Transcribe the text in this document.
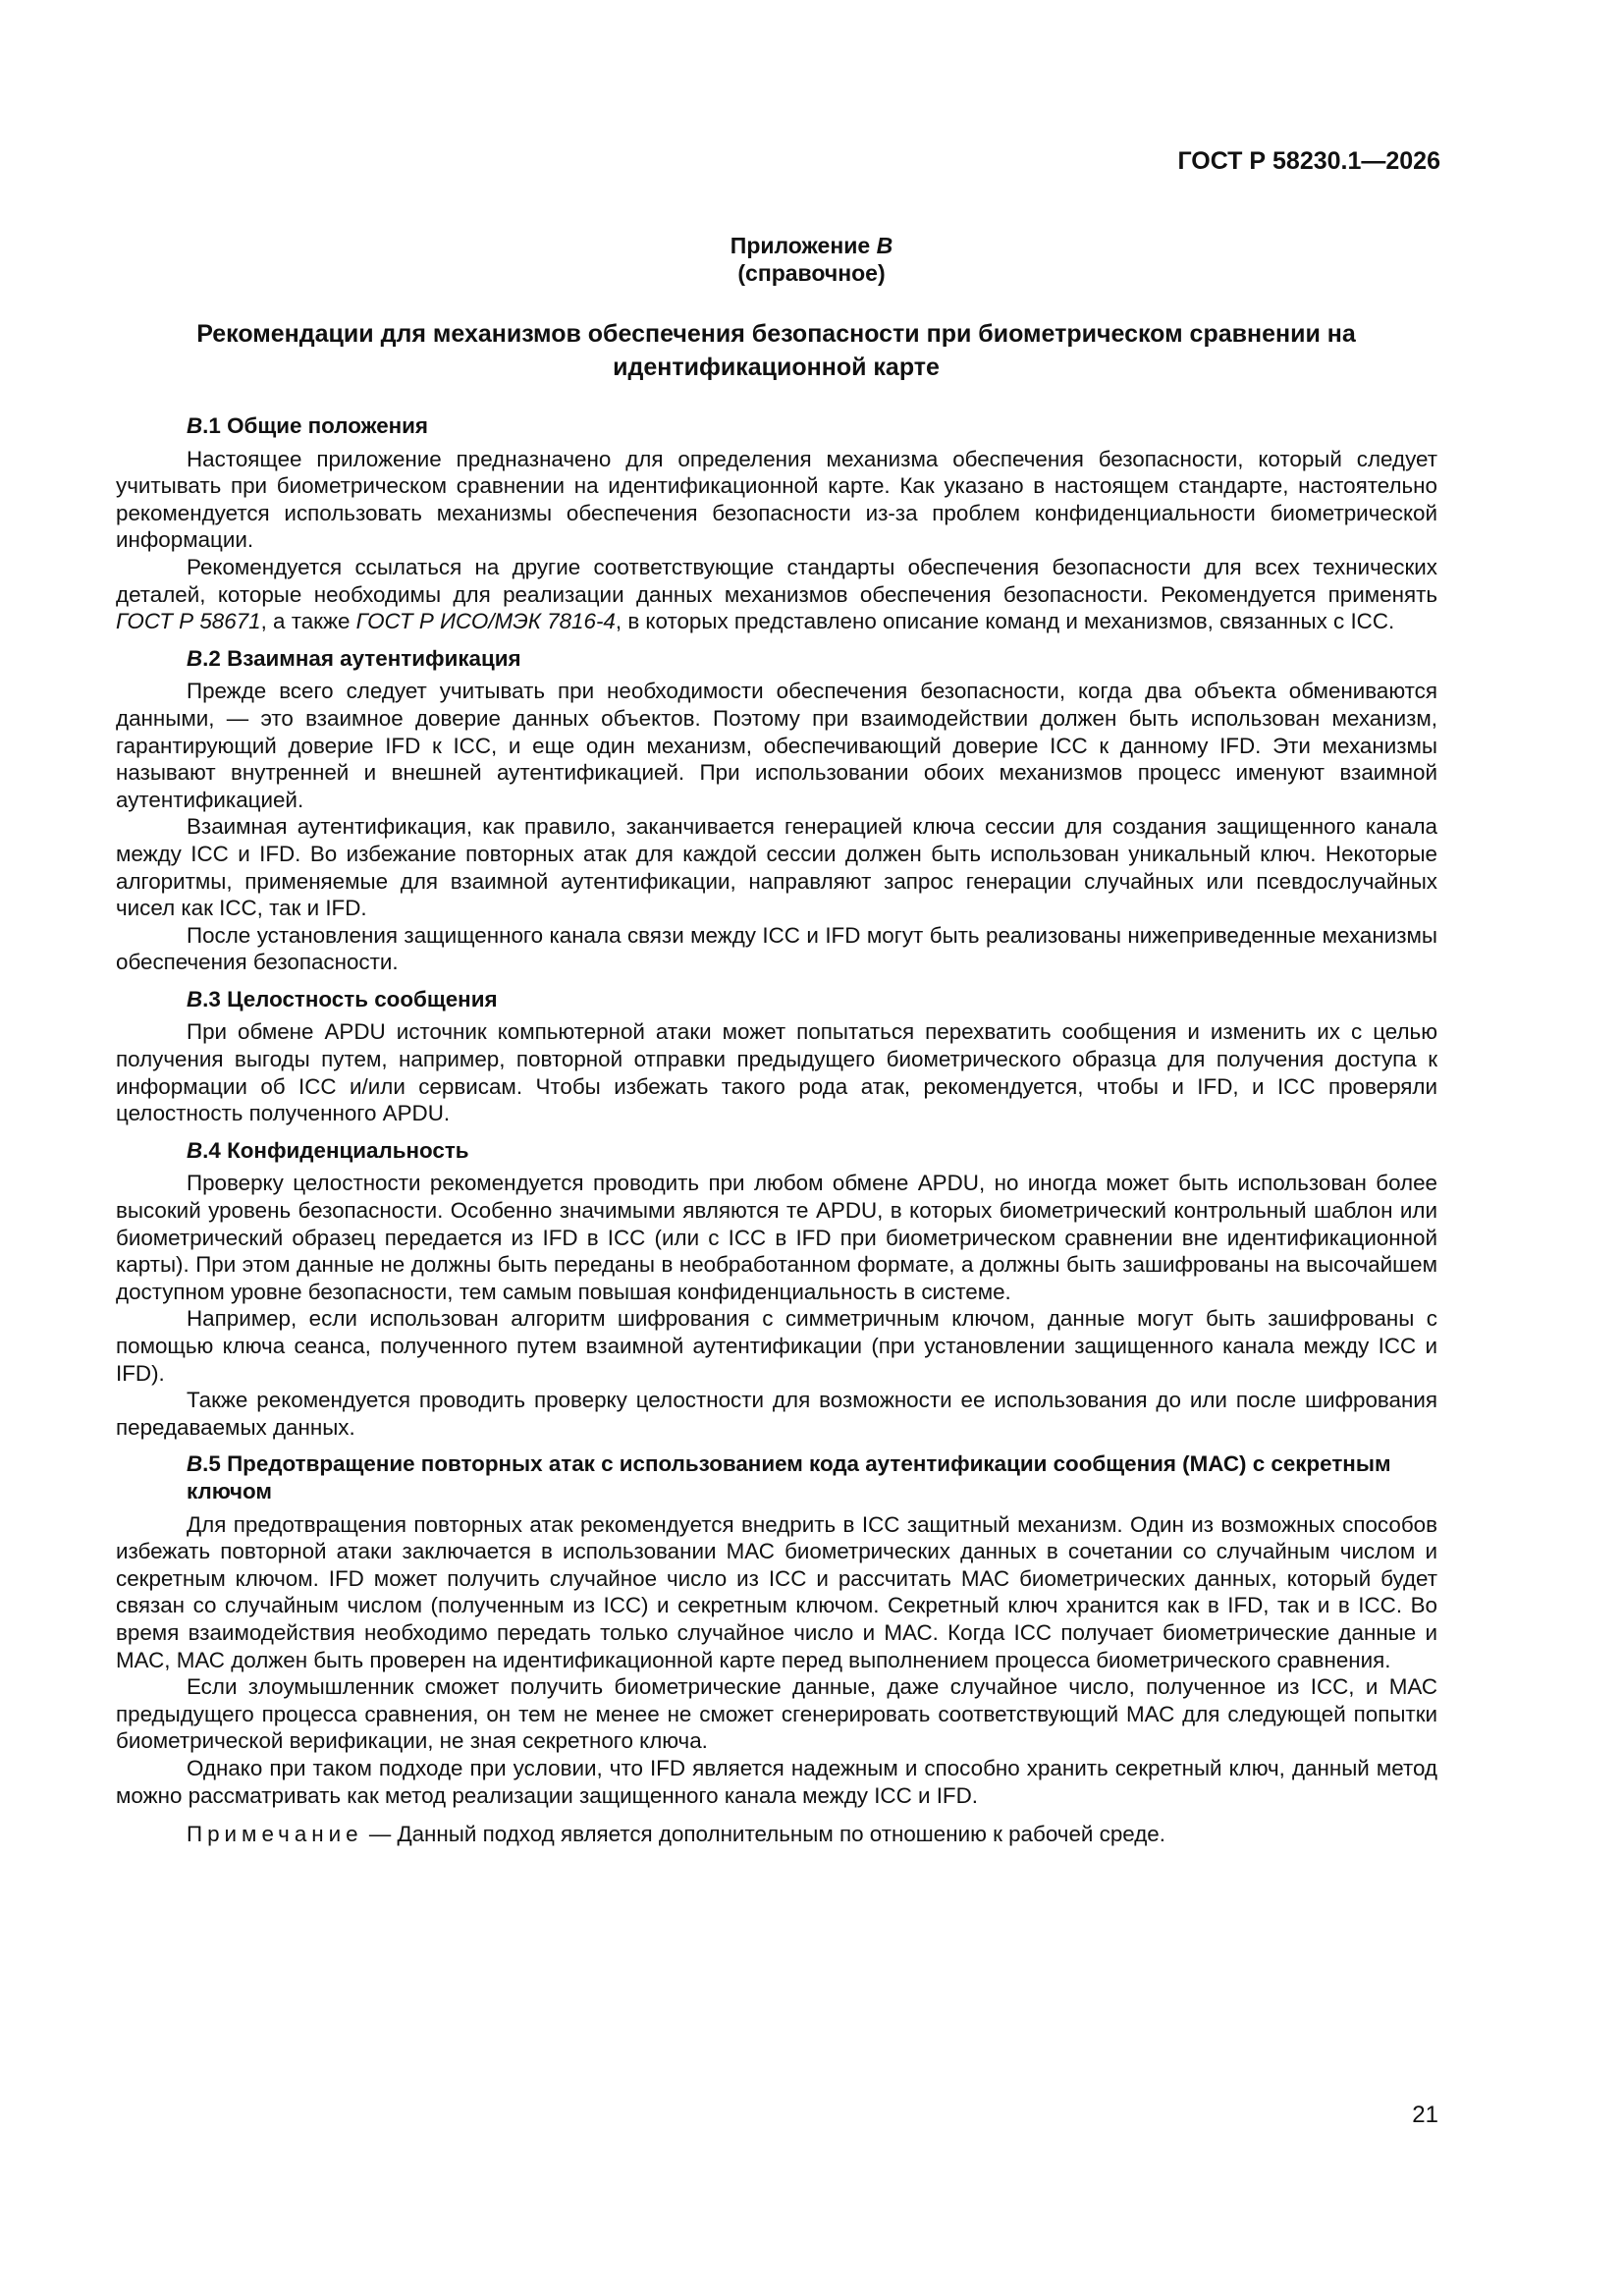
ГОСТ Р 58230.1—2026
Приложение B
(справочное)
Рекомендации для механизмов обеспечения безопасности при биометрическом сравнении на идентификационной карте
B.1 Общие положения

Настоящее приложение предназначено для определения механизма обеспечения безопасности, который следует учитывать при биометрическом сравнении на идентификационной карте. Как указано в настоящем стандарте, настоятельно рекомендуется использовать механизмы обеспечения безопасности из-за проблем конфиденциальности биометрической информации.

Рекомендуется ссылаться на другие соответствующие стандарты обеспечения безопасности для всех технических деталей, которые необходимы для реализации данных механизмов обеспечения безопасности. Рекомендуется применять ГОСТ Р 58671, а также ГОСТ Р ИСО/МЭК 7816-4, в которых представлено описание команд и механизмов, связанных с ICC.

B.2 Взаимная аутентификация

Прежде всего следует учитывать при необходимости обеспечения безопасности, когда два объекта обмениваются данными, — это взаимное доверие данных объектов. Поэтому при взаимодействии должен быть использован механизм, гарантирующий доверие IFD к ICC, и еще один механизм, обеспечивающий доверие ICC к данному IFD. Эти механизмы называют внутренней и внешней аутентификацией. При использовании обоих механизмов процесс именуют взаимной аутентификацией.

Взаимная аутентификация, как правило, заканчивается генерацией ключа сессии для создания защищенного канала между ICC и IFD. Во избежание повторных атак для каждой сессии должен быть использован уникальный ключ. Некоторые алгоритмы, применяемые для взаимной аутентификации, направляют запрос генерации случайных или псевдослучайных чисел как ICC, так и IFD.

После установления защищенного канала связи между ICC и IFD могут быть реализованы нижеприведенные механизмы обеспечения безопасности.

B.3 Целостность сообщения

При обмене APDU источник компьютерной атаки может попытаться перехватить сообщения и изменить их с целью получения выгоды путем, например, повторной отправки предыдущего биометрического образца для получения доступа к информации об ICC и/или сервисам. Чтобы избежать такого рода атак, рекомендуется, чтобы и IFD, и ICC проверяли целостность полученного APDU.

B.4 Конфиденциальность

Проверку целостности рекомендуется проводить при любом обмене APDU, но иногда может быть использован более высокий уровень безопасности. Особенно значимыми являются те APDU, в которых биометрический контрольный шаблон или биометрический образец передается из IFD в ICC (или с ICC в IFD при биометрическом сравнении вне идентификационной карты). При этом данные не должны быть переданы в необработанном формате, а должны быть зашифрованы на высочайшем доступном уровне безопасности, тем самым повышая конфиденциальность в системе.

Например, если использован алгоритм шифрования с симметричным ключом, данные могут быть зашифрованы с помощью ключа сеанса, полученного путем взаимной аутентификации (при установлении защищенного канала между ICC и IFD).

Также рекомендуется проводить проверку целостности для возможности ее использования до или после шифрования передаваемых данных.

B.5 Предотвращение повторных атак с использованием кода аутентификации сообщения (МАС) с секретным ключом

Для предотвращения повторных атак рекомендуется внедрить в ICC защитный механизм. Один из возможных способов избежать повторной атаки заключается в использовании МАС биометрических данных в сочетании со случайным числом и секретным ключом. IFD может получить случайное число из ICC и рассчитать МАС биометрических данных, который будет связан со случайным числом (полученным из ICC) и секретным ключом. Секретный ключ хранится как в IFD, так и в ICC. Во время взаимодействия необходимо передать только случайное число и МАС. Когда ICC получает биометрические данные и МАС, МАС должен быть проверен на идентификационной карте перед выполнением процесса биометрического сравнения.

Если злоумышленник сможет получить биометрические данные, даже случайное число, полученное из ICC, и МАС предыдущего процесса сравнения, он тем не менее не сможет сгенерировать соответствующий МАС для следующей попытки биометрической верификации, не зная секретного ключа.

Однако при таком подходе при условии, что IFD является надежным и способно хранить секретный ключ, данный метод можно рассматривать как метод реализации защищенного канала между ICC и IFD.

Примечание — Данный подход является дополнительным по отношению к рабочей среде.

21
